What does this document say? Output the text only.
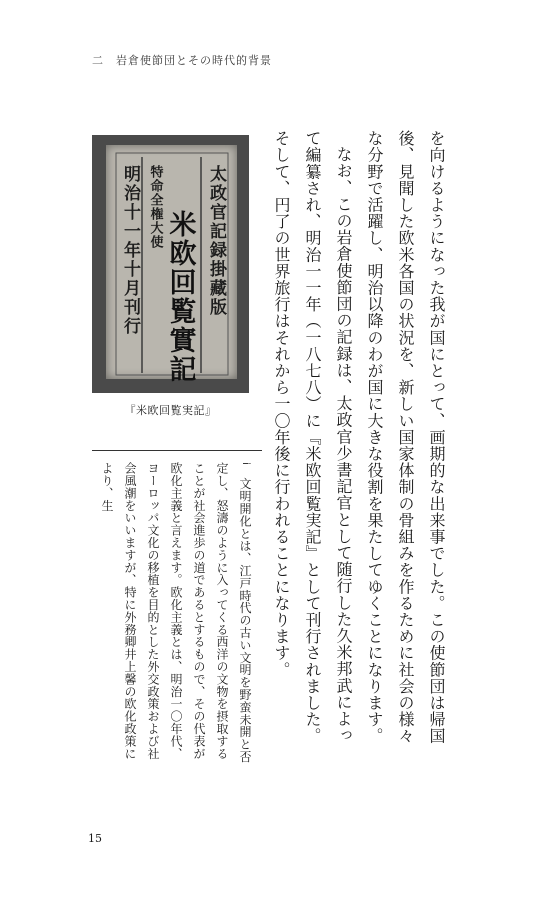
二　岩倉使節団とその時代的背景

を向けるようになった我が国にとって、画期的な出来事でした。この使節団は帰国後、見聞した欧米各国の状況を、新しい国家体制の骨組みを作るために社会の様々な分野で活躍し、明治以降のわが国に大きな役割を果たしてゆくことになります。

なお、この岩倉使節団の記録は、太政官少書記官として随行した久米邦武によって編纂され、明治一一年（一八七八）に『米欧回覧実記』として刊行されました。そして、円了の世界旅行はそれから一〇年後に行われることになります。

明治十一年十月刊行 特命全権大使
米欧回覧實記 太政官記録掛藏版
『米欧回覧実記』

i　文明開化とは、江戸時代の古い文明を野蛮未開と否定し、怒濤のように入ってくる西洋の文物を摂取することが社会進歩の道であるとするもので、その代表が欧化主義と言えます。欧化主義とは、明治一〇年代、ヨーロッパ文化の移植を目的とした外交政策および社会風潮をいいますが、特に外務卿井上馨の欧化政策により、生

15
